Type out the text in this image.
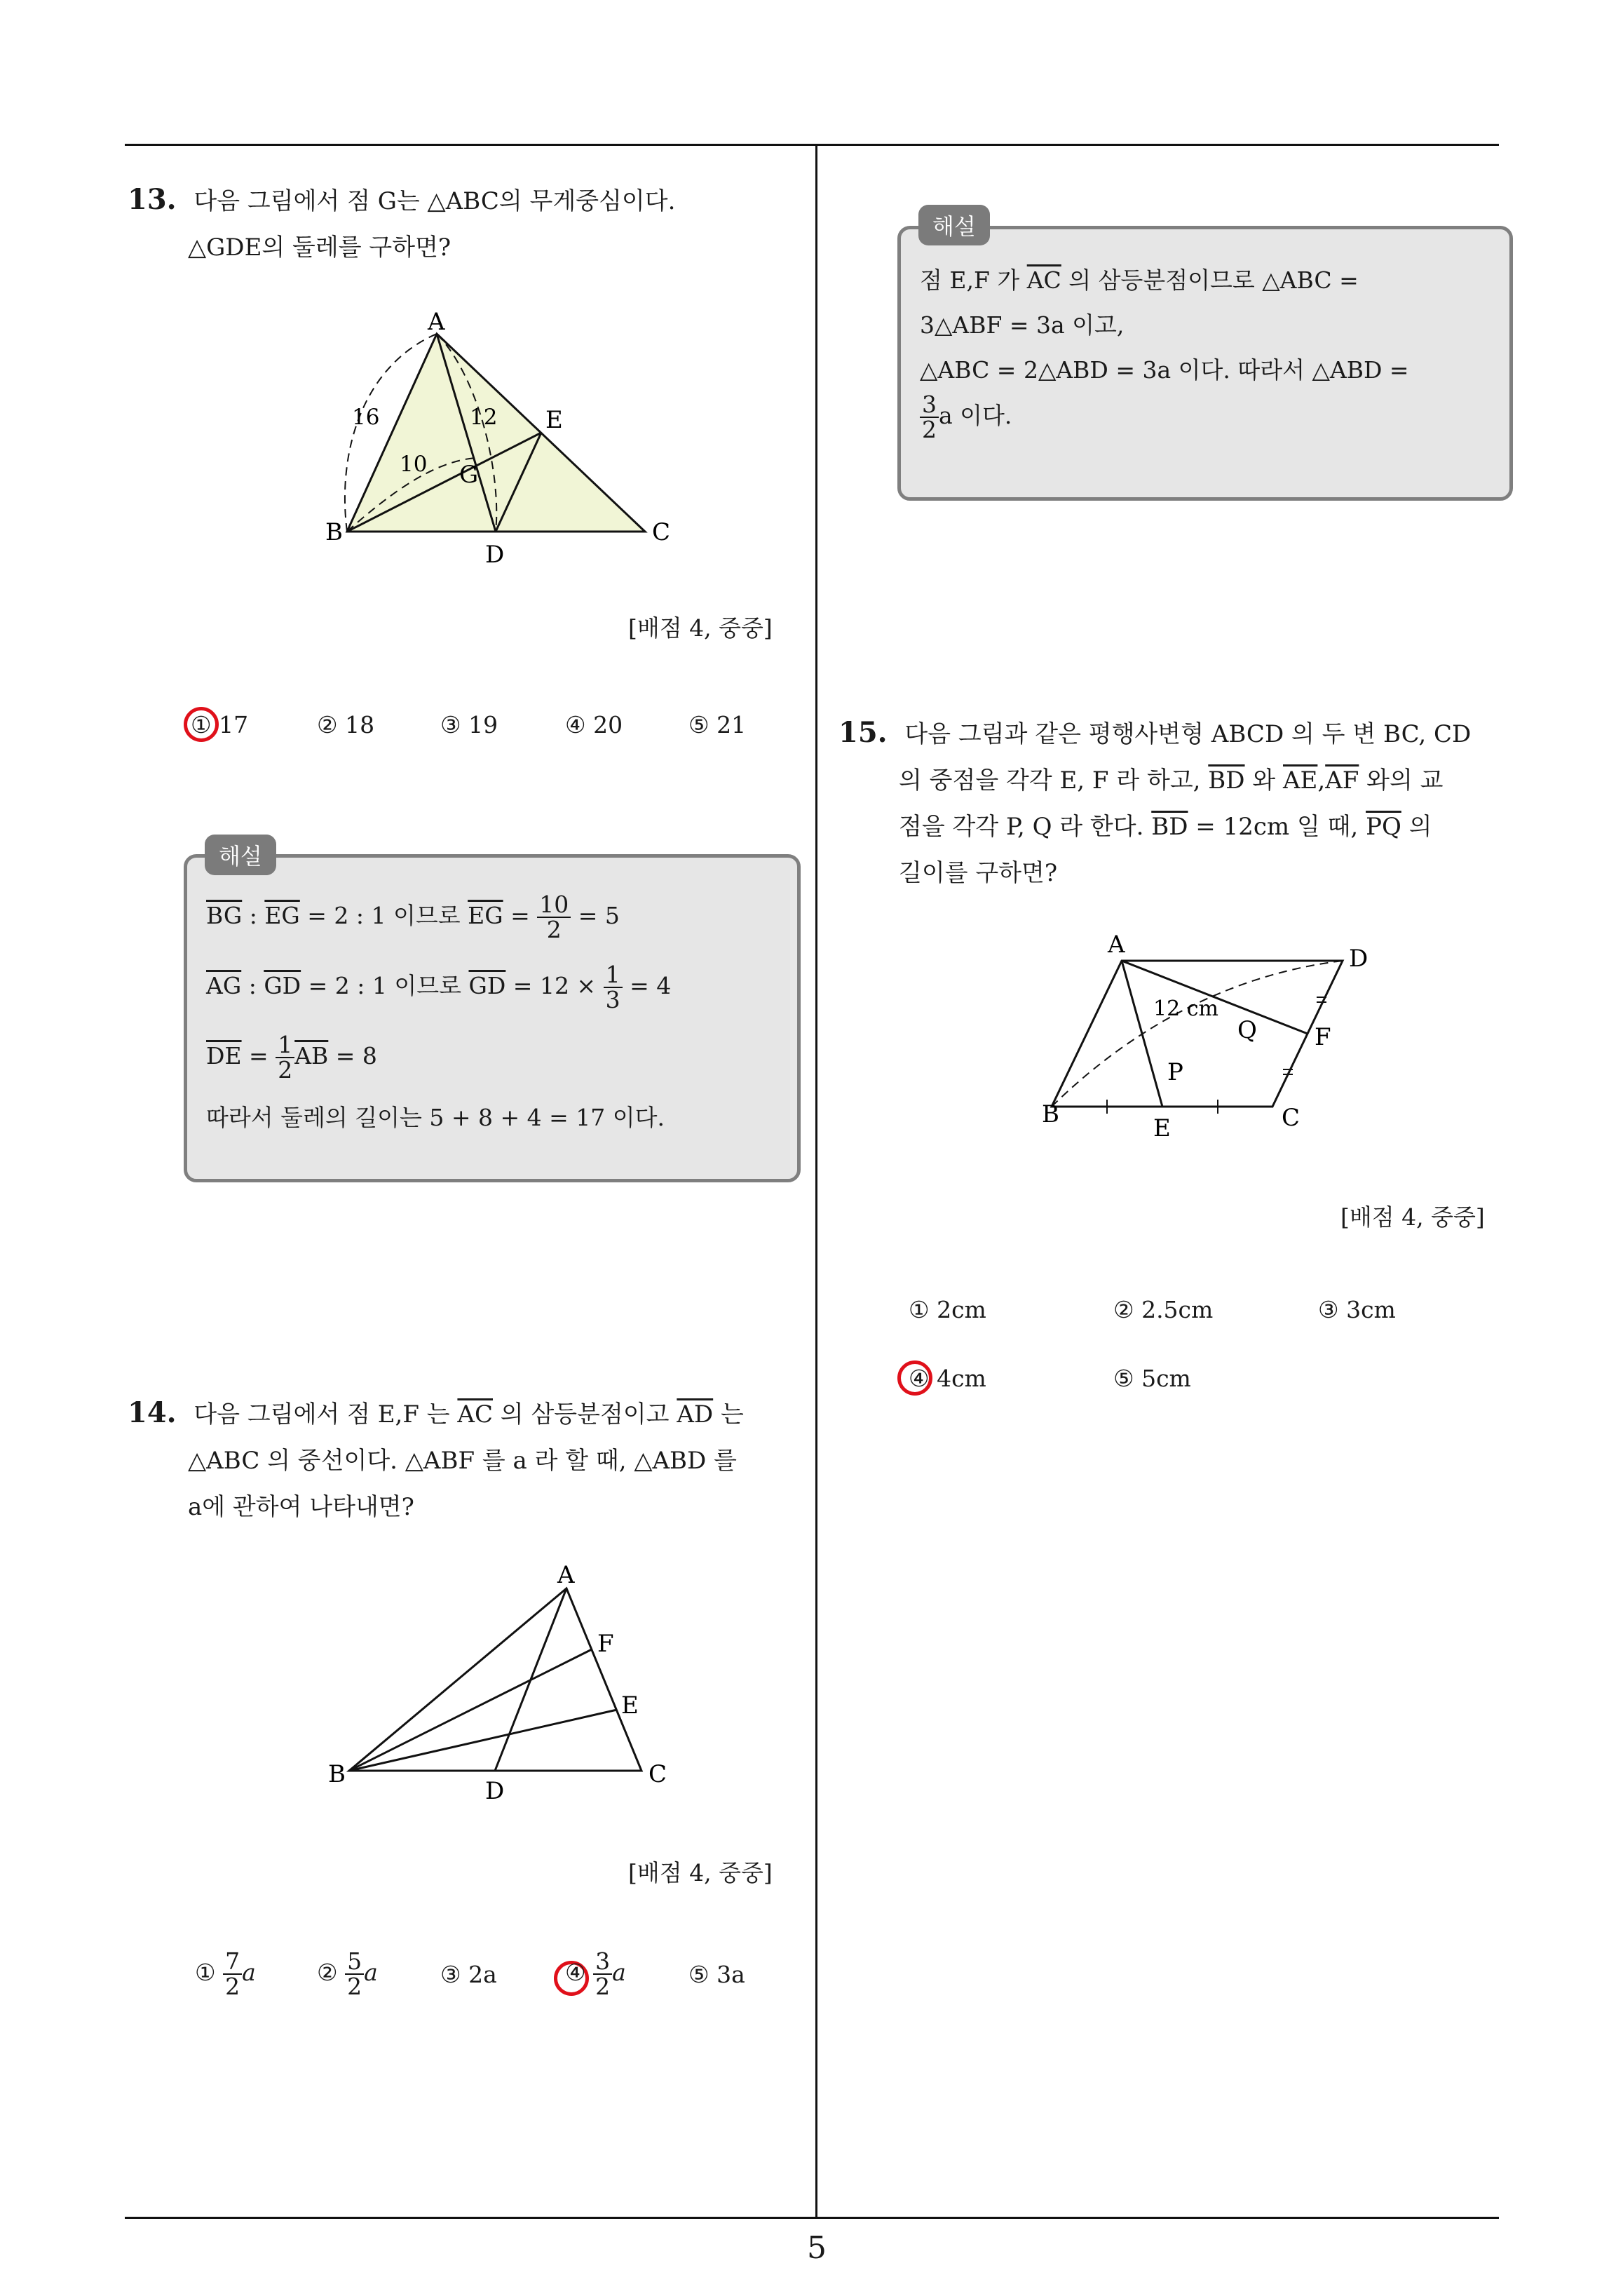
5
13. 다음 그림에서 점 G는 △ABC의 무게중심이다.
△GDE의 둘레를 구하면?
A
B	C
D
E
G
16	12
10
[배점 4, 중중]
① 17	② 18	③ 19	④ 20	⑤ 21
해설
$\overline{BG}$ : $\overline{EG} = 2$ : 1 이므로 $\overline{EG} = \frac{10}{2} = 5$
$\overline{AG}$ : $\overline{GD} = 2$ : 1 이므로 $\overline{GD} = 12 \times \frac{1}{3} = 4$
$\overline{DE} = \frac{1}{2} \overline{AB} = 8$
따라서 둘레의 길이는 5 + 8 + 4 = 17 이다.
14. 다음 그림에서 점 E,F 는 $\overline{AC}$ 의 삼등분점이고 $\overline{AD}$ 는
△ABC 의 중선이다. △ABF 를 a 라 할 때, △ABD 를
a에 관하여 나타내면?
A
B	C
D
E
F
[배점 4, 중중]
① $\frac{7}{2}$ a	② $\frac{5}{2}$ a	③ 2a	④ $\frac{3}{2}$ a	⑤ 3a
해설
점 E,F 가 $\overline{AC}$ 의 삼등분점이므로 △ABC =
3△ABF = 3a 이고,
△ABC = 2△ABD = 3a 이다. 따라서 △ABD =
$\frac{3}{2}$ a 이다.
15. 다음 그림과 같은 평행사변형 ABCD 의 두 변 BC, CD
의 중점을 각각 E, F 라 하고, $\overline{BD}$ 와 $\overline{AE},\overline{AF}$ 와의 교
점을 각각 P, Q 라 한다. $\overline{BD} = 12cm$ 일 때, $\overline{PQ}$ 의
길이를 구하면?
A
B	C
D
E
F
P
Q
12 cm
[배점 4, 중중]
① 2cm	② 2.5cm	③ 3cm
④ 4cm	⑤ 5cm
